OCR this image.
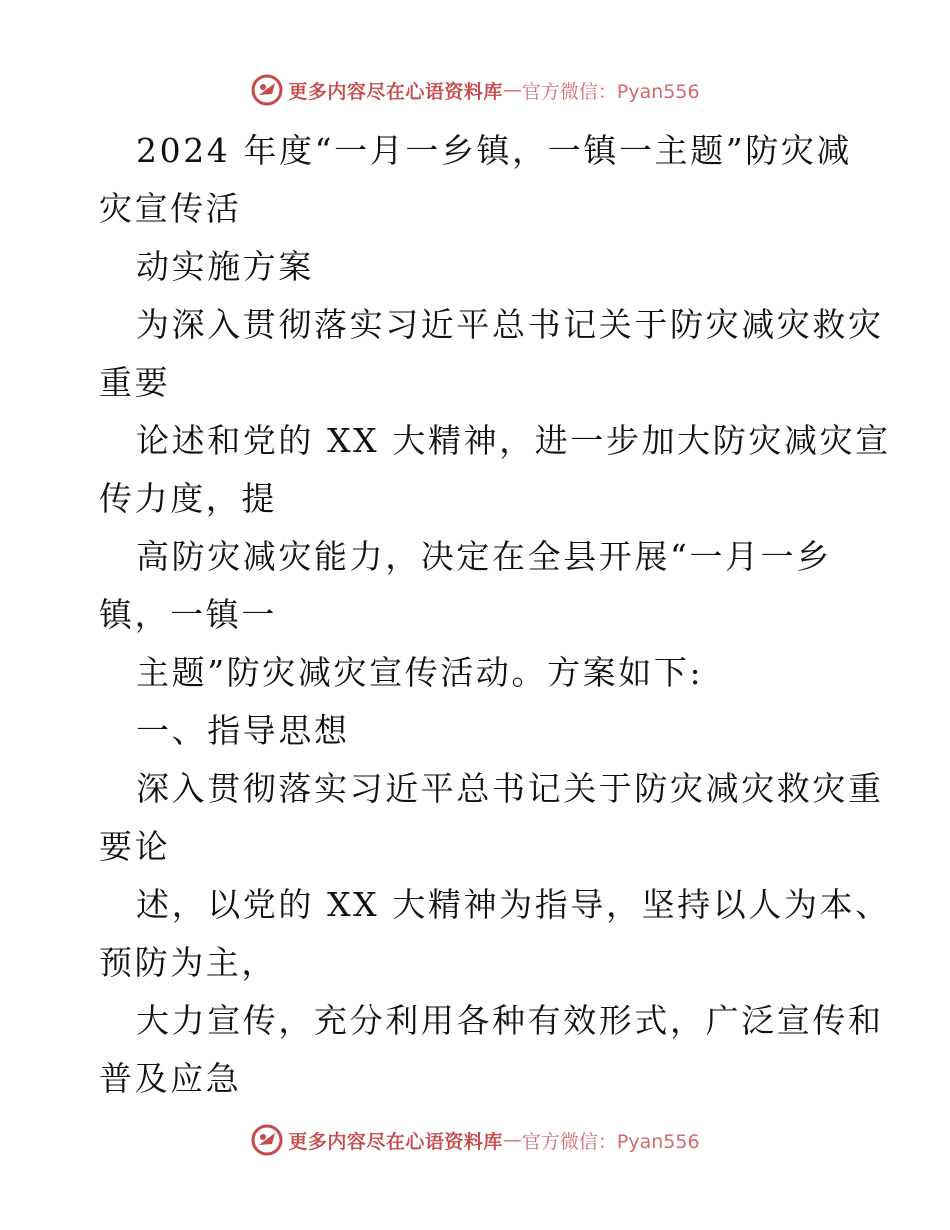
更多内容尽在心语资料库 — 官方微信：Pyan556
2024 年度“一月一乡镇，一镇一主题”防灾减
灾宣传活
动实施方案
为深入贯彻落实习近平总书记关于防灾减灾救灾
重要
论述和党的 XX 大精神，进一步加大防灾减灾宣
传力度，提
高防灾减灾能力，决定在全县开展“一月一乡
镇，一镇一
主题”防灾减灾宣传活动。方案如下:
一、指导思想
深入贯彻落实习近平总书记关于防灾减灾救灾重
要论
述，以党的 XX 大精神为指导，坚持以人为本、
预防为主，
大力宣传，充分利用各种有效形式，广泛宣传和
普及应急
更多内容尽在心语资料库 — 官方微信：Pyan556
